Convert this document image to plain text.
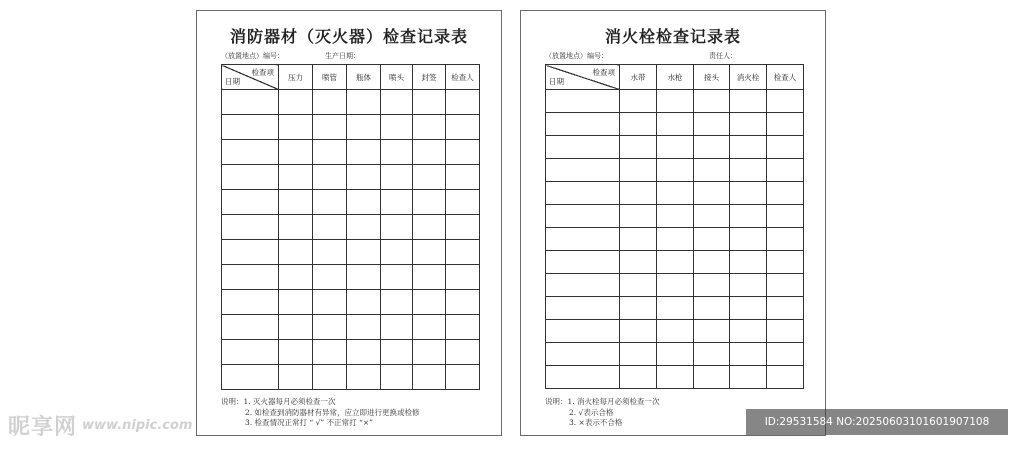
消防器材（灭火器）检查记录表
（放置地点）编号：	生产日期：
检查项
日期	压力	喷管	瓶体	喷头	封签	检查人

说明：1. 灭火器每月必须检查一次
2. 如检查到消防器材有异常，应立即进行更换或检修
3. 检查情况正常打 “ √” 不正常打 “×”
消火栓检查记录表
（放置地点）编号：	责任人：
检查项
日期	水带	水枪	接头	消火栓	检查人

说明：1. 消火栓每月必须检查一次
2. √表示合格
3. ×表示不合格
昵享网 www.nipic.com	ID:29531584 NO:20250603101601907108
